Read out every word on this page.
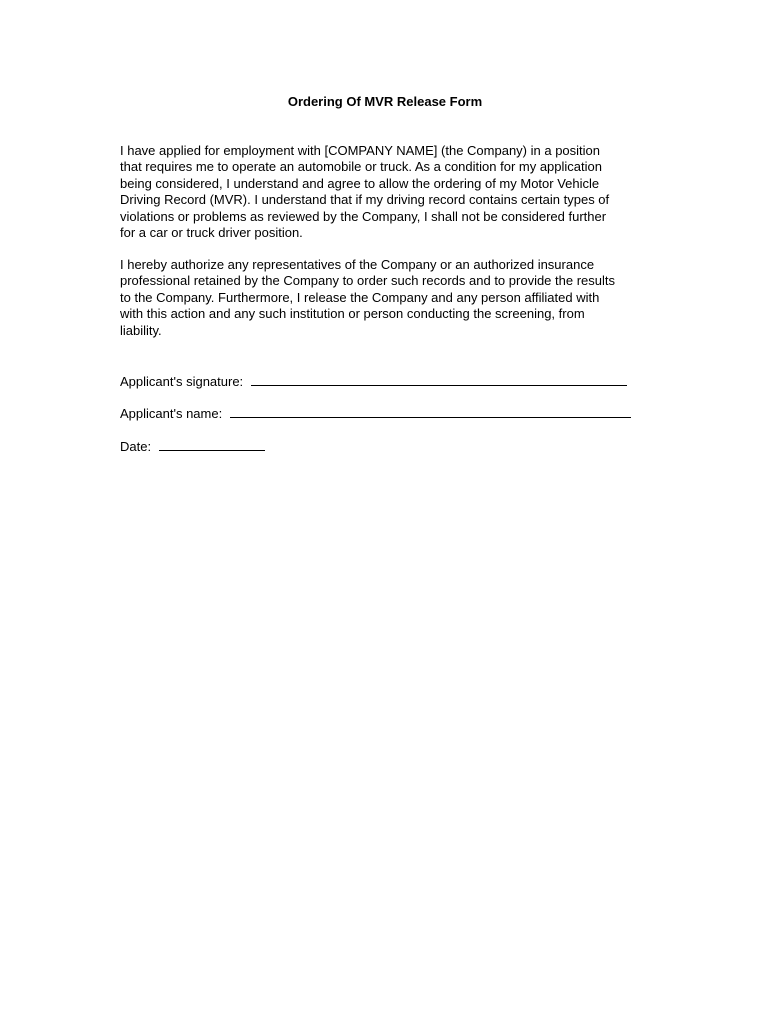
Ordering Of MVR Release Form

I have applied for employment with [COMPANY NAME] (the Company) in a position
that requires me to operate an automobile or truck. As a condition for my application
being considered, I understand and agree to allow the ordering of my Motor Vehicle
Driving Record (MVR). I understand that if my driving record contains certain types of
violations or problems as reviewed by the Company, I shall not be considered further
for a car or truck driver position.

I hereby authorize any representatives of the Company or an authorized insurance
professional retained by the Company to order such records and to provide the results
to the Company. Furthermore, I release the Company and any person affiliated with
with this action and any such institution or person conducting the screening, from
liability.

Applicant's signature:
Applicant's name:
Date:
